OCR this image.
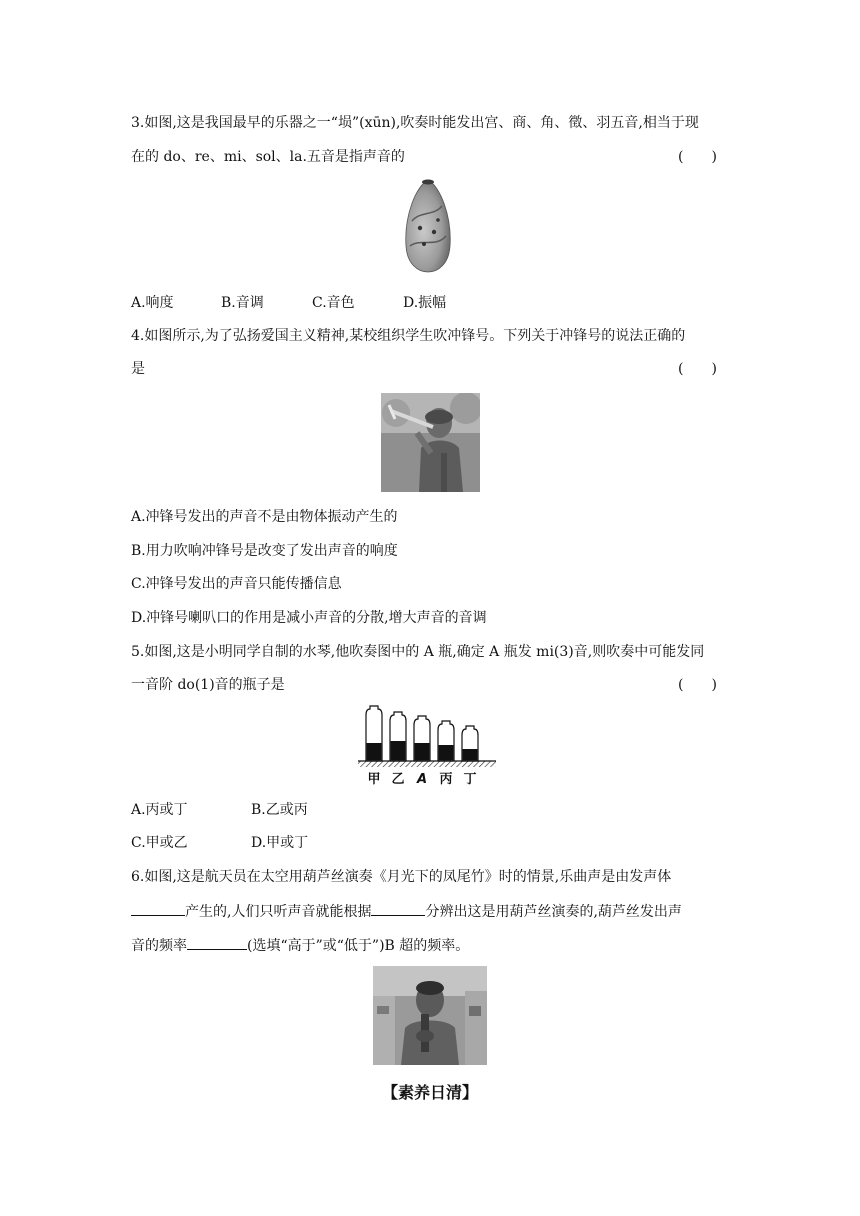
3.如图,这是我国最早的乐器之一“埙”(xūn),吹奏时能发出宫、商、角、徵、羽五音,相当于现
在的 do、re、mi、sol、la.五音是指声音的	(　　)
A.响度	B.音调	C.音色	D.振幅
4.如图所示,为了弘扬爱国主义精神,某校组织学生吹冲锋号。下列关于冲锋号的说法正确的
是	(　　)
A.冲锋号发出的声音不是由物体振动产生的
B.用力吹响冲锋号是改变了发出声音的响度
C.冲锋号发出的声音只能传播信息
D.冲锋号喇叭口的作用是减小声音的分散,增大声音的音调
5.如图,这是小明同学自制的水琴,他吹奏图中的 A 瓶,确定 A 瓶发 mi(3)音,则吹奏中可能发同
一音阶 do(1)音的瓶子是	(　　)
甲 乙 A 丙 丁
A.丙或丁	B.乙或丙
C.甲或乙	D.甲或丁
6.如图,这是航天员在太空用葫芦丝演奏《月光下的凤尾竹》时的情景,乐曲声是由发声体
产生的,人们只听声音就能根据	分辨出这是用葫芦丝演奏的,葫芦丝发出声
音的频率	(选填“高于”或“低于”)B 超的频率。
【素养日清】
